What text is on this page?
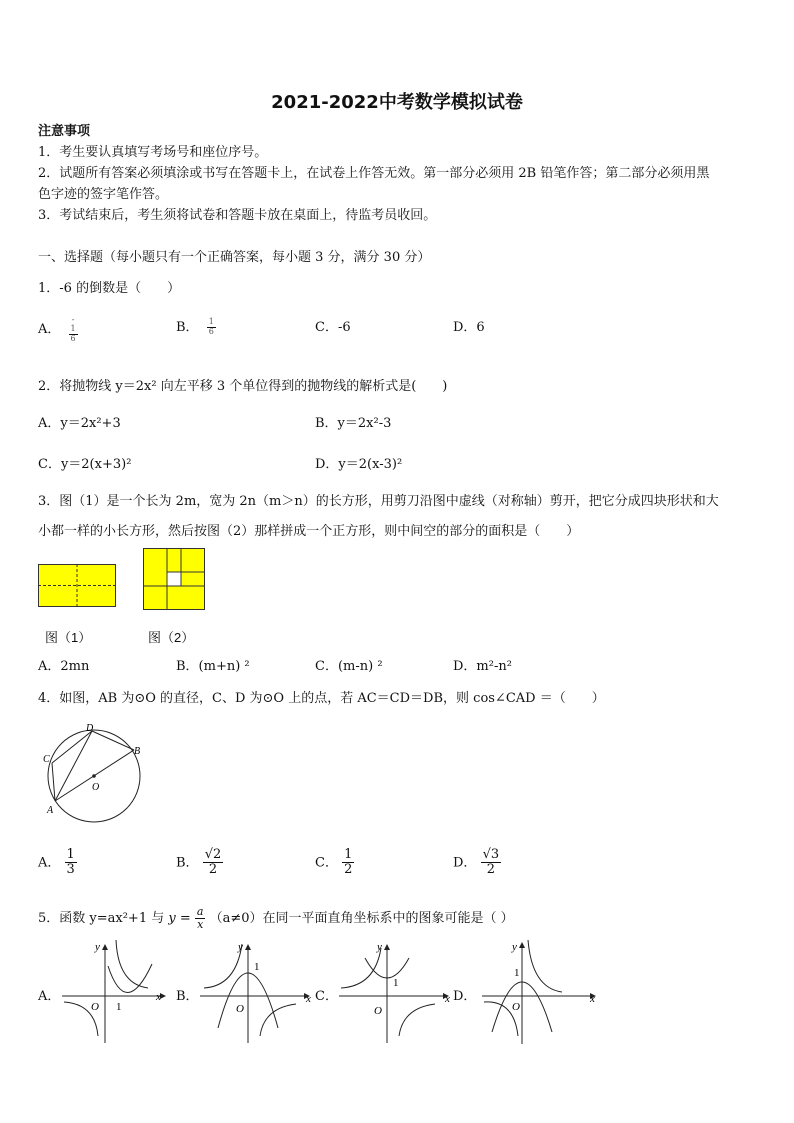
2021-2022中考数学模拟试卷
注意事项
1．考生要认真填写考场号和座位序号。
2．试题所有答案必须填涂或书写在答题卡上，在试卷上作答无效。第一部分必须用 2B 铅笔作答；第二部分必须用黑
色字迹的签字笔作答。
3．考试结束后，考生须将试卷和答题卡放在桌面上，待监考员收回。
一、选择题（每小题只有一个正确答案，每小题 3 分，满分 30 分）
1．-6 的倒数是（　　）
A． -
1
6
B． $\frac{1}{6}$	C．-6	D．6
2．将抛物线 y＝2x² 向左平移 3 个单位得到的抛物线的解析式是(　　)
A．y＝2x²+3	B．y＝2x²-3
C．y＝2(x+3)²	D．y＝2(x-3)²
3．图（1）是一个长为 2m，宽为 2n（m＞n）的长方形，用剪刀沿图中虚线（对称轴）剪开，把它分成四块形状和大
小都一样的小长方形，然后按图（2）那样拼成一个正方形，则中间空的部分的面积是（　　）
图（1）	图（2）
A．2mn	B．(m+n) ²	C．(m-n) ²	D．m²-n²
4．如图，AB 为⊙O 的直径，C、D 为⊙O 上的点，若 AC＝CD＝DB，则 cos∠CAD ＝（　　）
D
C
B
A
O
A． $\frac{1}{3}$	B． $\frac{√2}{2}$	C． $\frac{1}{2}$	D． $\frac{√3}{2}$
5．函数 y=ax²+1 与 $y = \frac{a}{x} (a\ne 0)$在同一平面直角坐标系中的图象可能是（ ）
A．	B．	C．	D．
y
x
O 1
y
x
O
1
y
x
O
1
y
x
O
1
